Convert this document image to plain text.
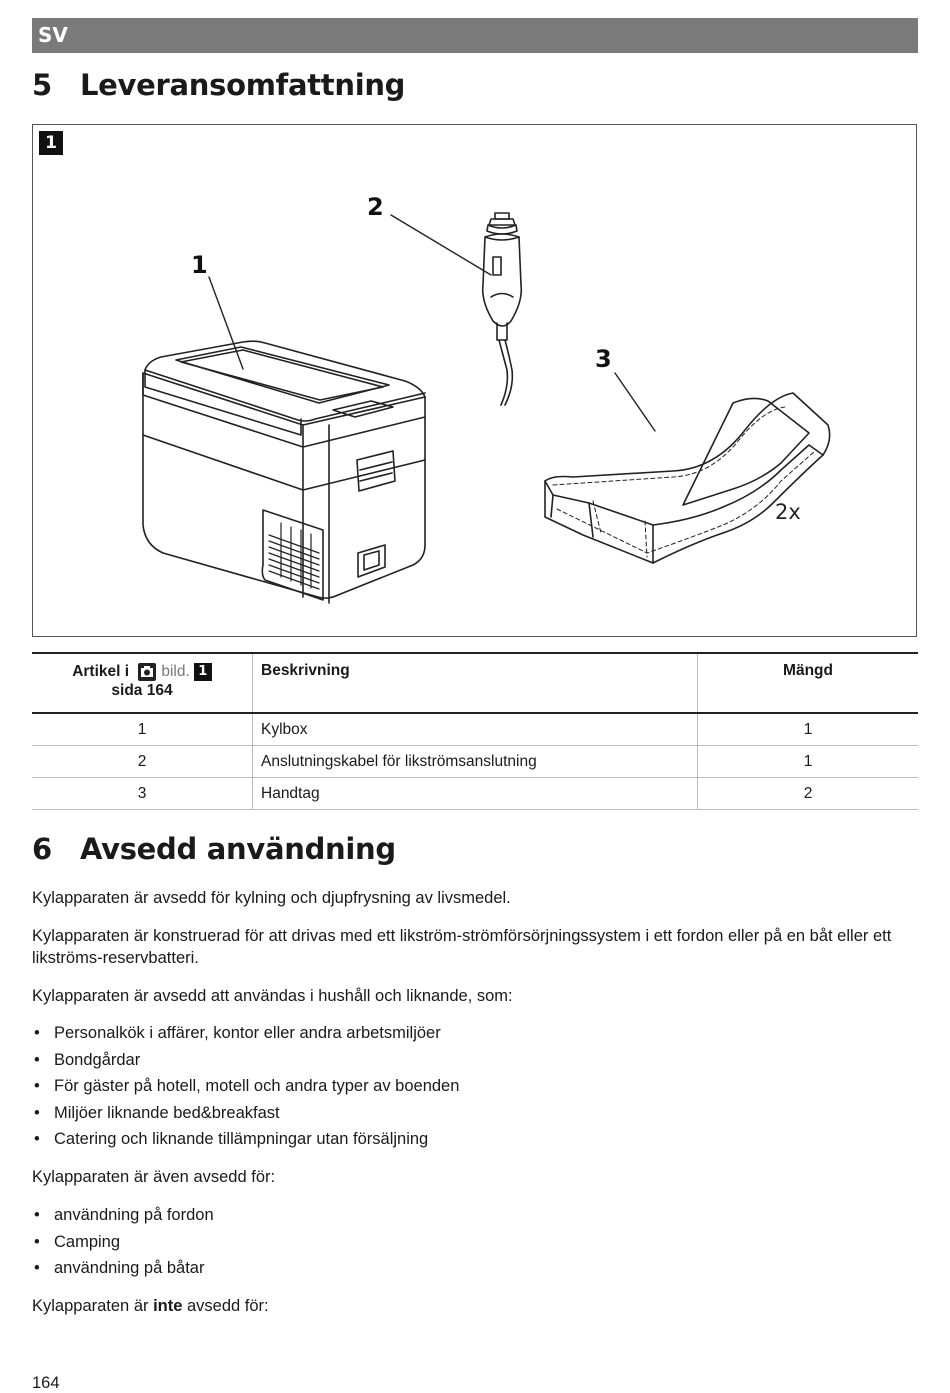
SV
5 Leveransomfattning
1
1
2
3
2x
Artikel i bild. 1
sida 164	Beskrivning	Mängd
1	Kylbox	1
2	Anslutningskabel för likströmsanslutning	1
3	Handtag	2
6 Avsedd användning
Kylapparaten är avsedd för kylning och djupfrysning av livsmedel.
Kylapparaten är konstruerad för att drivas med ett likström-strömförsörjningssystem i ett fordon eller på en båt eller ett likströms-reservbatteri.
Kylapparaten är avsedd att användas i hushåll och liknande, som:
• Personalkök i affärer, kontor eller andra arbetsmiljöer
• Bondgårdar
• För gäster på hotell, motell och andra typer av boenden
• Miljöer liknande bed&breakfast
• Catering och liknande tillämpningar utan försäljning
Kylapparaten är även avsedd för:
• användning på fordon
• Camping
• användning på båtar
Kylapparaten är inte avsedd för:
164
